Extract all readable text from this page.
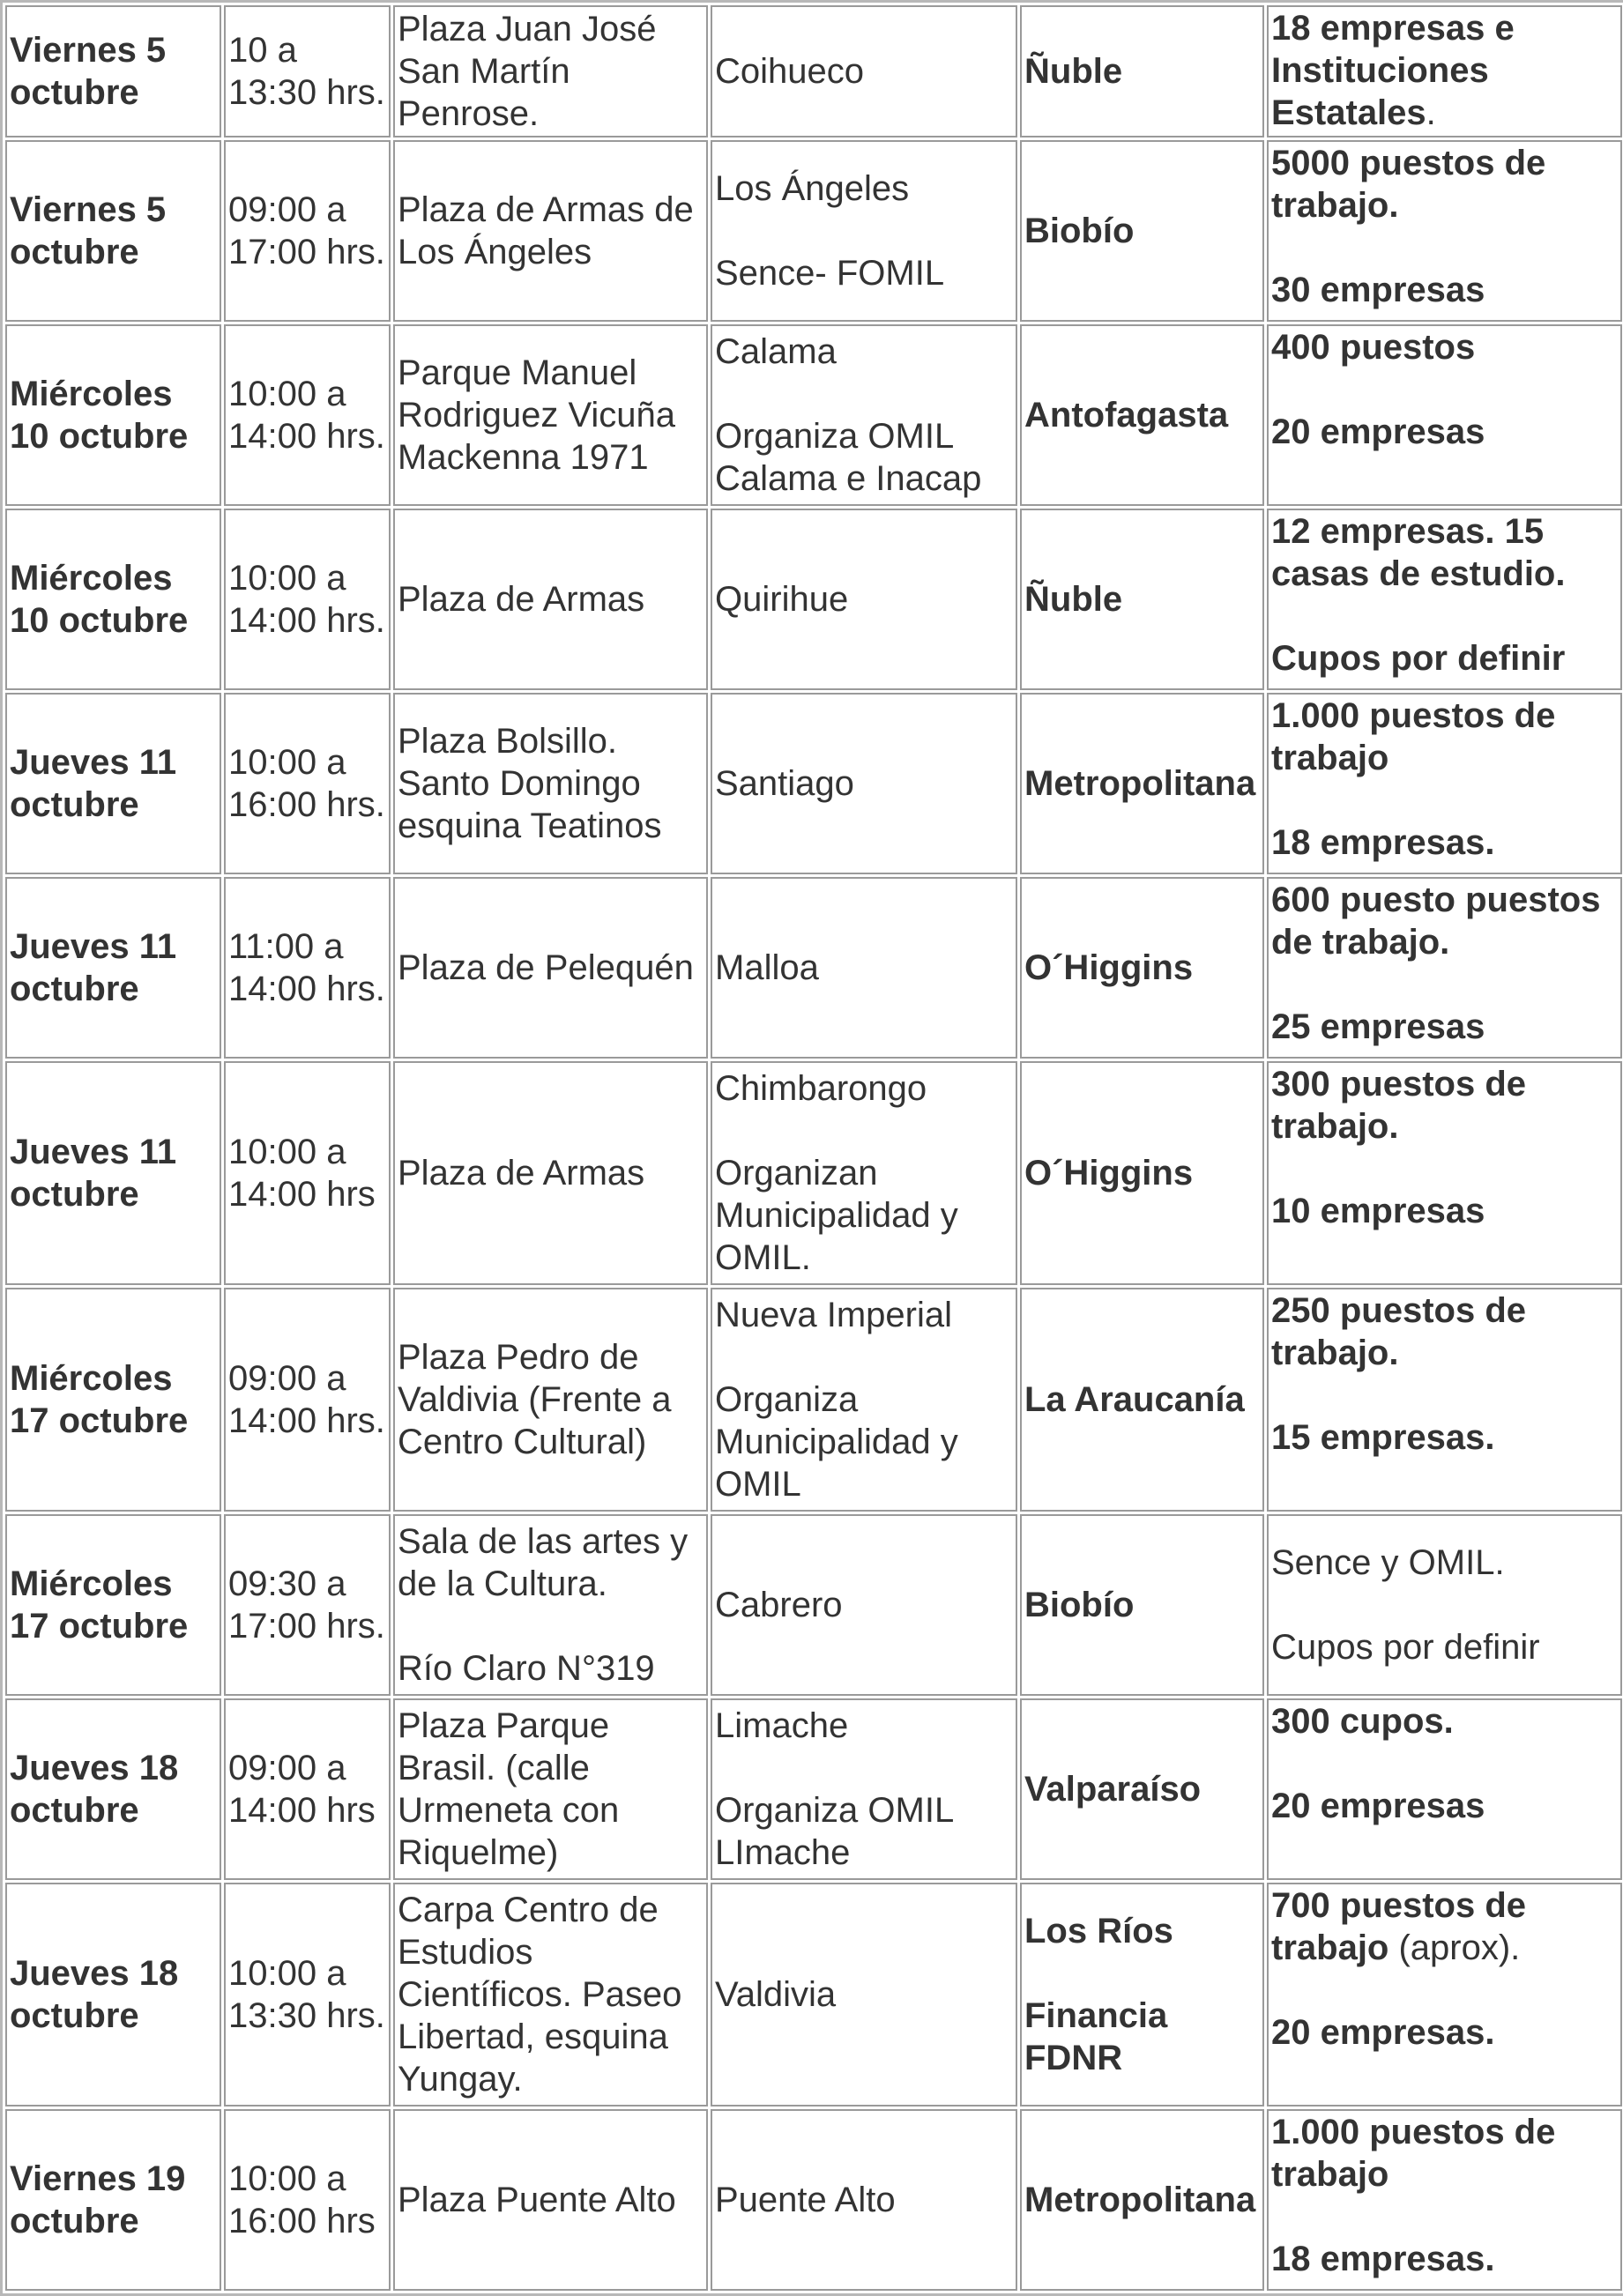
Viernes 5 octubre	10 a 13:30 hrs.	Plaza Juan José San Martín Penrose.	Coihueco	Ñuble	18 empresas e Instituciones Estatales.

Viernes 5 octubre	09:00 a 17:00 hrs.	Plaza de Armas de Los Ángeles	Los Ángeles
Sence- FOMIL	Biobío	5000 puestos de trabajo.
30 empresas

Miércoles 10 octubre	10:00 a 14:00 hrs.	Parque Manuel Rodriguez Vicuña Mackenna 1971	Calama
Organiza OMIL Calama e Inacap	Antofagasta	400 puestos
20 empresas

Miércoles 10 octubre	10:00 a 14:00 hrs.	Plaza de Armas	Quirihue	Ñuble	12 empresas. 15 casas de estudio.
Cupos por definir

Jueves 11 octubre	10:00 a 16:00 hrs.	Plaza Bolsillo. Santo Domingo esquina Teatinos	Santiago	Metropolitana	1.000 puestos de trabajo
18 empresas.

Jueves 11 octubre	11:00 a 14:00 hrs.	Plaza de Pelequén	Malloa	O´Higgins	600 puesto puestos de trabajo.
25 empresas

Jueves 11 octubre	10:00 a 14:00 hrs	Plaza de Armas	Chimbarongo
Organizan Municipalidad y OMIL.	O´Higgins	300 puestos de trabajo.
10 empresas

Miércoles 17 octubre	09:00 a 14:00 hrs.	Plaza Pedro de Valdivia (Frente a Centro Cultural)	Nueva Imperial
Organiza Municipalidad y OMIL	La Araucanía	250 puestos de trabajo.
15 empresas.

Miércoles 17 octubre	09:30 a 17:00 hrs.	Sala de las artes y de la Cultura.
Río Claro N°319	Cabrero	Biobío	Sence y OMIL.
Cupos por definir

Jueves 18 octubre	09:00 a 14:00 hrs	Plaza Parque Brasil. (calle Urmeneta con Riquelme)	Limache
Organiza OMIL LImache	Valparaíso	300 cupos.
20 empresas

Jueves 18 octubre	10:00 a 13:30 hrs.	Carpa Centro de Estudios Científicos. Paseo Libertad, esquina Yungay.	Valdivia	Los Ríos
Financia FDNR	700 puestos de trabajo (aprox).
20 empresas.

Viernes 19 octubre	10:00 a 16:00 hrs	Plaza Puente Alto	Puente Alto	Metropolitana	1.000 puestos de trabajo
18 empresas.
